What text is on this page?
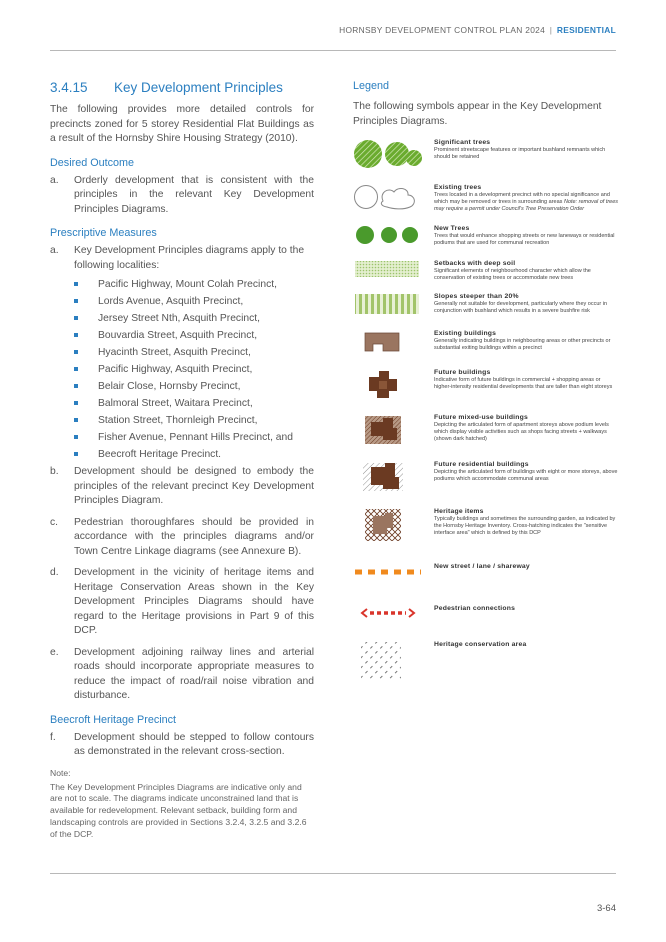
HORNSBY DEVELOPMENT CONTROL PLAN 2024 | RESIDENTIAL
3.4.15 Key Development Principles

The following provides more detailed controls for precincts zoned for 5 storey Residential Flat Buildings as a result of the Hornsby Shire Housing Strategy (2010).

Desired Outcome
a.	Orderly development that is consistent with the principles in the relevant Key Development Principles Diagrams.
Prescriptive Measures
a.	Key Development Principles diagrams apply to the following localities:
Pacific Highway, Mount Colah Precinct,
Lords Avenue, Asquith Precinct,
Jersey Street Nth, Asquith Precinct,
Bouvardia Street, Asquith Precinct,
Hyacinth Street, Asquith Precinct,
Pacific Highway, Asquith Precinct,
Belair Close, Hornsby Precinct,
Balmoral Street, Waitara Precinct,
Station Street, Thornleigh Precinct,
Fisher Avenue, Pennant Hills Precinct, and
Beecroft Heritage Precinct.
b.	Development should be designed to embody the principles of the relevant precinct Key Development Principles Diagram.
c.	Pedestrian thoroughfares should be provided in accordance with the principles diagrams and/or Town Centre Linkage diagrams (see Annexure B).
d.	Development in the vicinity of heritage items and Heritage Conservation Areas shown in the Key Development Principles Diagrams should have regard to the Heritage provisions in Part 9 of this DCP.
e.	Development adjoining railway lines and arterial roads should incorporate appropriate measures to reduce the impact of road/rail noise vibration and disturbance.
Beecroft Heritage Precinct
f.	Development should be stepped to follow contours as demonstrated in the relevant cross-section.
Note:

The Key Development Principles Diagrams are indicative only and are not to scale. The diagrams indicate unconstrained land that is available for redevelopment. Relevant setback, building form and landscaping controls are provided in Sections 3.2.4, 3.2.5 and 3.2.6 of the DCP.

Legend

The following symbols appear in the Key Development Principles Diagrams.

Significant trees
Prominent streetscape features or important bushland remnants which should be retained
Existing trees
Trees located in a development precinct with no special significance and which may be removed or trees in surrounding areas Note: removal of trees may require a permit under Council's Tree Preservation Order
New Trees
Trees that would enhance shopping streets or new laneways or residential podiums that are used for communal recreation
Setbacks with deep soil
Significant elements of neighbourhood character which allow the conservation of existing trees or accommodate new trees
Slopes steeper than 20%
Generally not suitable for development, particularly where they occur in conjunction with bushland which results in a severe bushfire risk
Existing buildings
Generally indicating buildings in neighbouring areas or other precincts or substantial exiting buildings within a precinct
Future buildings
Indicative form of future buildings in commercial + shopping areas or higher-intensity residential developments that are taller than eight storeys
Future mixed-use buildings
Depicting the articulated form of apartment storeys above podium levels which display visible activities such as shops facing streets + walkways (shown dark hatched)
Future residential buildings
Depicting the articulated form of buildings with eight or more storeys, above podiums which accommodate communal areas
Heritage items
Typically buildings and sometimes the surrounding garden, as indicated by the Hornsby Heritage Inventory. Cross-hatching indicates the "sensitive interface area" which is defined by this DCP
New street / lane / shareway
Pedestrian connections
Heritage conservation area
3-64
